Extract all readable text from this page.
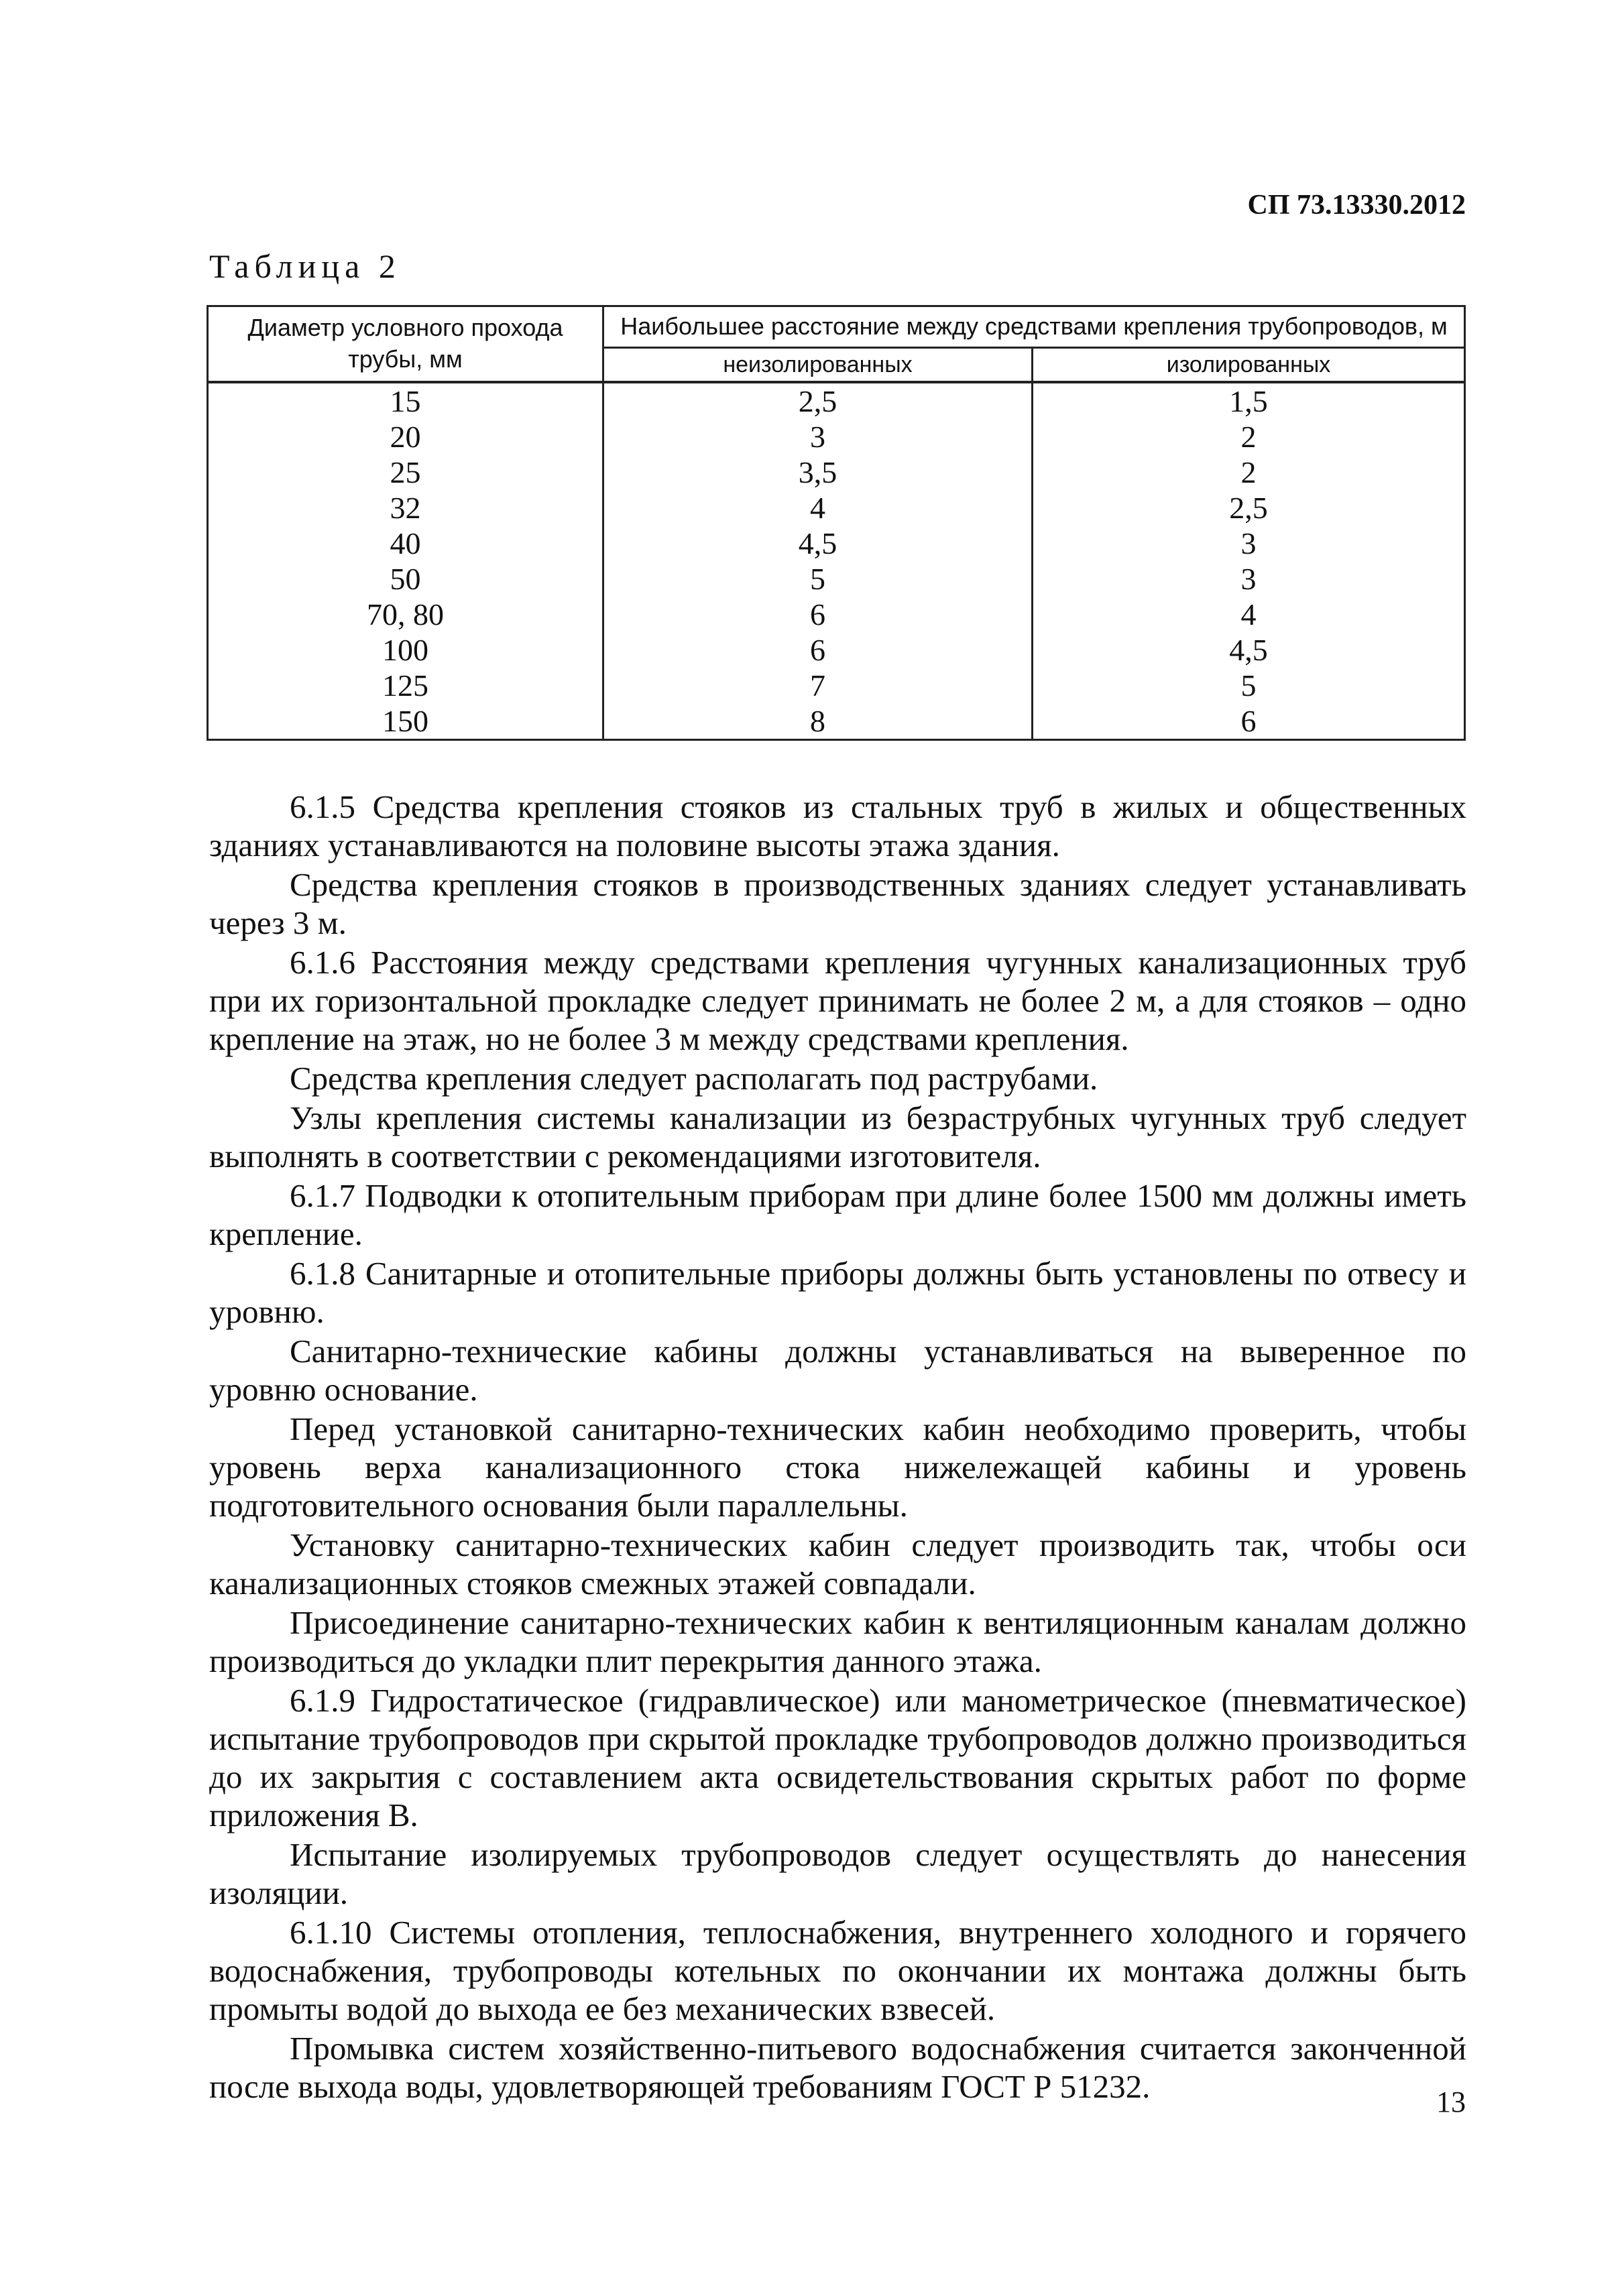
СП 73.13330.2012
Таблица 2
Диаметр условного прохода трубы, мм	Наибольшее расстояние между средствами крепления трубопроводов, м	
	неизолированных	изолированных
15	2,5	1,5
20	3	2
25	3,5	2
32	4	2,5
40	4,5	3
50	5	3
70, 80	6	4
100	6	4,5
125	7	5
150	8	6

6.1.5 Средства крепления стояков из стальных труб в жилых и общественных зданиях устанавливаются на половине высоты этажа здания.

Средства крепления стояков в производственных зданиях следует устанавливать через 3 м.

6.1.6 Расстояния между средствами крепления чугунных канализационных труб при их горизонтальной прокладке следует принимать не более 2 м, а для стояков – одно крепление на этаж, но не более 3 м между средствами крепления.

Средства крепления следует располагать под раструбами.

Узлы крепления системы канализации из безраструбных чугунных труб следует выполнять в соответствии с рекомендациями изготовителя.

6.1.7 Подводки к отопительным приборам при длине более 1500 мм должны иметь крепление.

6.1.8 Санитарные и отопительные приборы должны быть установлены по отвесу и уровню.

Санитарно-технические кабины должны устанавливаться на выверенное по уровню основание.

Перед установкой санитарно-технических кабин необходимо проверить, чтобы уровень верха канализационного стока нижележащей кабины и уровень подготовительного основания были параллельны.

Установку санитарно-технических кабин следует производить так, чтобы оси канализационных стояков смежных этажей совпадали.

Присоединение санитарно-технических кабин к вентиляционным каналам должно производиться до укладки плит перекрытия данного этажа.

6.1.9 Гидростатическое (гидравлическое) или манометрическое (пневматическое) испытание трубопроводов при скрытой прокладке трубопроводов должно производиться до их закрытия с составлением акта освидетельствования скрытых работ по форме приложения В.

Испытание изолируемых трубопроводов следует осуществлять до нанесения изоляции.

6.1.10 Системы отопления, теплоснабжения, внутреннего холодного и горячего водоснабжения, трубопроводы котельных по окончании их монтажа должны быть промыты водой до выхода ее без механических взвесей.

Промывка систем хозяйственно-питьевого водоснабжения считается законченной после выхода воды, удовлетворяющей требованиям ГОСТ Р 51232.	13
